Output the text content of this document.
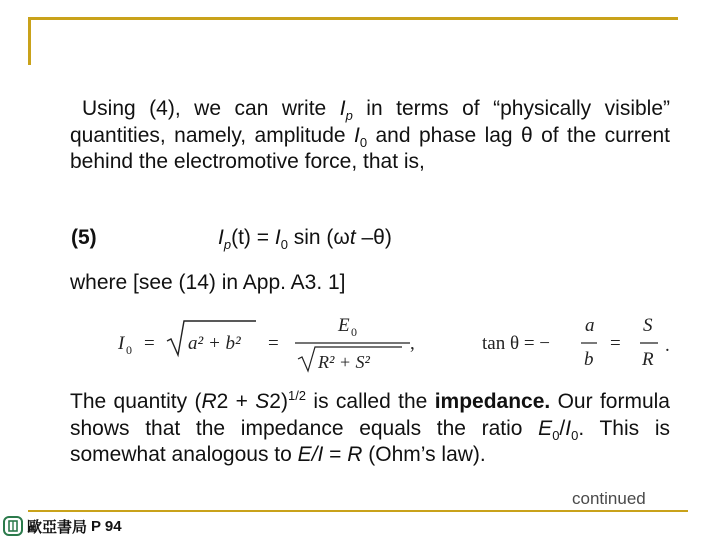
Using (4), we can write $I_p$ in terms of “physically visible” quantities, namely, amplitude $I_0$ and phase lag θ of the current behind the electromotive force, that is,
(5)	$I_p(t) = I_0$ sin (ωt –θ)
where [see (14) in App. A3. 1]
I 0 = a² + b² =
E 0
R² + S²
,	tan θ = −
a
b
=
S
R
.
The quantity $(R2 + S2)^{1/2}$ is called the impedance. Our formula shows that the impedance equals the ratio $E_0/I_0$. This is somewhat analogous to E/I = R (Ohm’s law).
continued
歐亞書局 P 94
